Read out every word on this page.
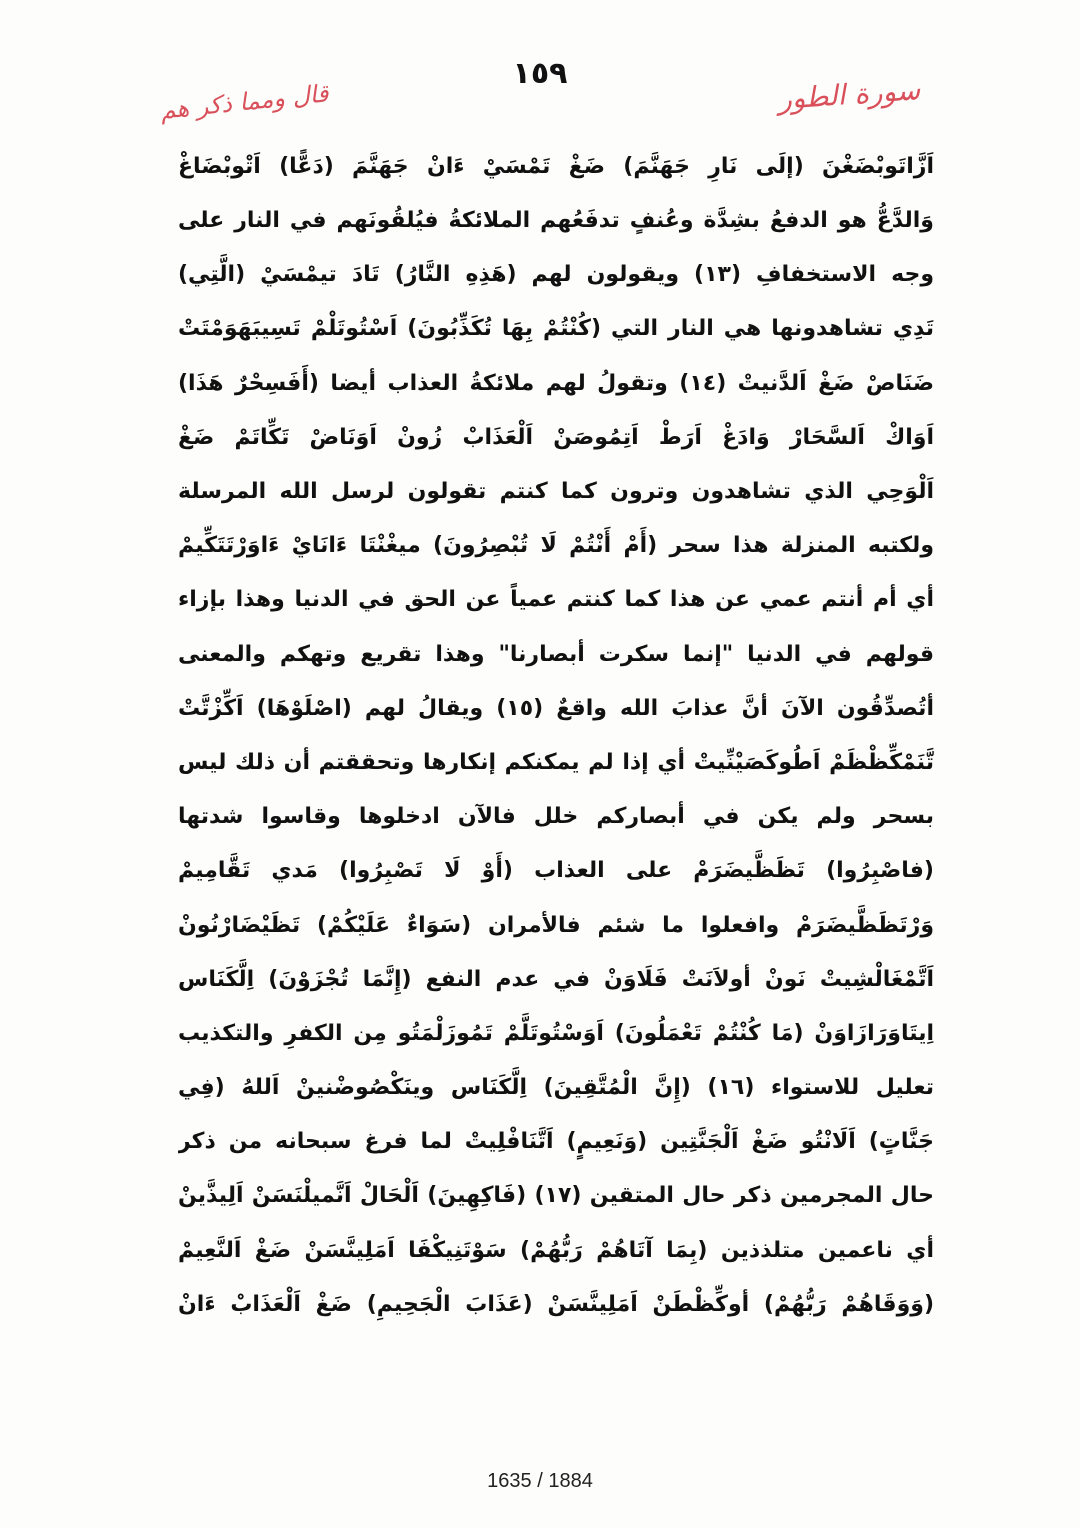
١٥٩	سورة الطور
قال ومما ذكر هم
اَزَّاتَوبْضَغْنَ (إلَى نَارِ جَهَنَّمَ) ضَغْ تَمْسَيْ ءَانْ جَهَنَّمَ (دَعًّا) اَتْوبْضَاغْ
وَالدَّعُّ هو الدفعُ بشِدَّة وعُنفٍ تدفَعُهم الملائكةُ فيُلقُونَهم في النار على
وجه الاستخفافِ (١٣) ويقولون لهم (هَذِهِ النَّارُ) تَادَ تيمْسَيْ (الَّتِي)
تَدِي تشاهدونها هي النار التي (كُنْتُمْ بِهَا تُكَذِّبُونَ) اَسْتُوتَلْمْ تَسِيبَهَوَمْتَتْ
ضَنَاصْ ضَغْ اَلدَّنيتْ (١٤) وتقولُ لهم ملائكةُ العذاب أيضا (أَفَسِحْرٌ هَذَا)
اَوَاكْ اَلسَّحَارْ وَادَغْ اَرَطْ اَتِمُوصَنْ اَلْعَذَابْ زُونْ اَوَنَاضْ تَكِّاتَمْ ضَغْ
اَلْوَحِي الذي تشاهدون وترون كما كنتم تقولون لرسل الله المرسلة
ولكتبه المنزلة هذا سحر (أَمْ أَنْتُمْ لَا تُبْصِرُونَ) ميغْنْتَا ءَانَايْ ءَاوَرْتَتَكِّيمْ
أي أم أنتم عمي عن هذا كما كنتم عمياً عن الحق في الدنيا وهذا بإزاء
قولهم في الدنيا "إنما سكرت أبصارنا" وهذا تقريع وتهكم والمعنى
أتُصدِّقُون الآنَ أنَّ عذابَ الله واقعٌ (١٥) ويقالُ لهم (اصْلَوْهَا) اَكِّزْتَّتْ
تَّنَمْكِّظْظَمْ اَطُوكَصَيْنِّيتْ أي إذا لم يمكنكم إنكارها وتحققتم أن ذلك ليس
بسحر ولم يكن في أبصاركم خلل فالآن ادخلوها وقاسوا شدتها
(فاصْبِرُوا) تَظَظَّيضَرَمْ على العذاب (أَوْ لَا تَصْبِرُوا) مَدي تَقَّامِيمْ
وَرْتَظَظَّيضَرَمْ وافعلوا ما شئم فالأمران (سَوَاءٌ عَلَيْكُمْ) تَظَيْضَارْنُونْ
اَتَّمْغَالْشِيتْ نَونْ أولاَنَتْ فَلَاوَنْ في عدم النفع (إِنَّمَا تُجْزَوْنَ) اِلَّكَنَاس
اِيتَاوَرَازَاوَنْ (مَا كُنْتُمْ تَعْمَلُونَ) اَوَسْتُوتَلَّمْ تَمُوزَلْمَتُو مِن الكفرِ والتكذيب
تعليل للاستواء (١٦) (إِنَّ الْمُتَّقِينَ) اِلَّكَنَاس وينَكْصُوضْنينْ اَللهُ (فِي
جَنَّاتٍ) اَلَانْتُو ضَغْ اَلْجَنَّتِين (وَنَعِيمٍ) اَتَّنَافْلِيتْ لما فرغ سبحانه من ذكر
حال المجرمين ذكر حال المتقين (١٧) (فَاكِهِينَ) اَلْحَالْ اَنَّميلْنَسَنْ اَلِيذَّينْ
أي ناعمين متلذذين (بِمَا آتَاهُمْ رَبُّهُمْ) سَوْتَنِيكْفَا اَمَلِينَّسَنْ ضَغْ اَلنَّعِيمْ
(وَوَقَاهُمْ رَبُّهُمْ) أوكِّظْطَنْ اَمَلِينَّسَنْ (عَذَابَ الْجَحِيمِ) ضَغْ اَلْعَذَابْ ءَانْ
1635 / 1884
